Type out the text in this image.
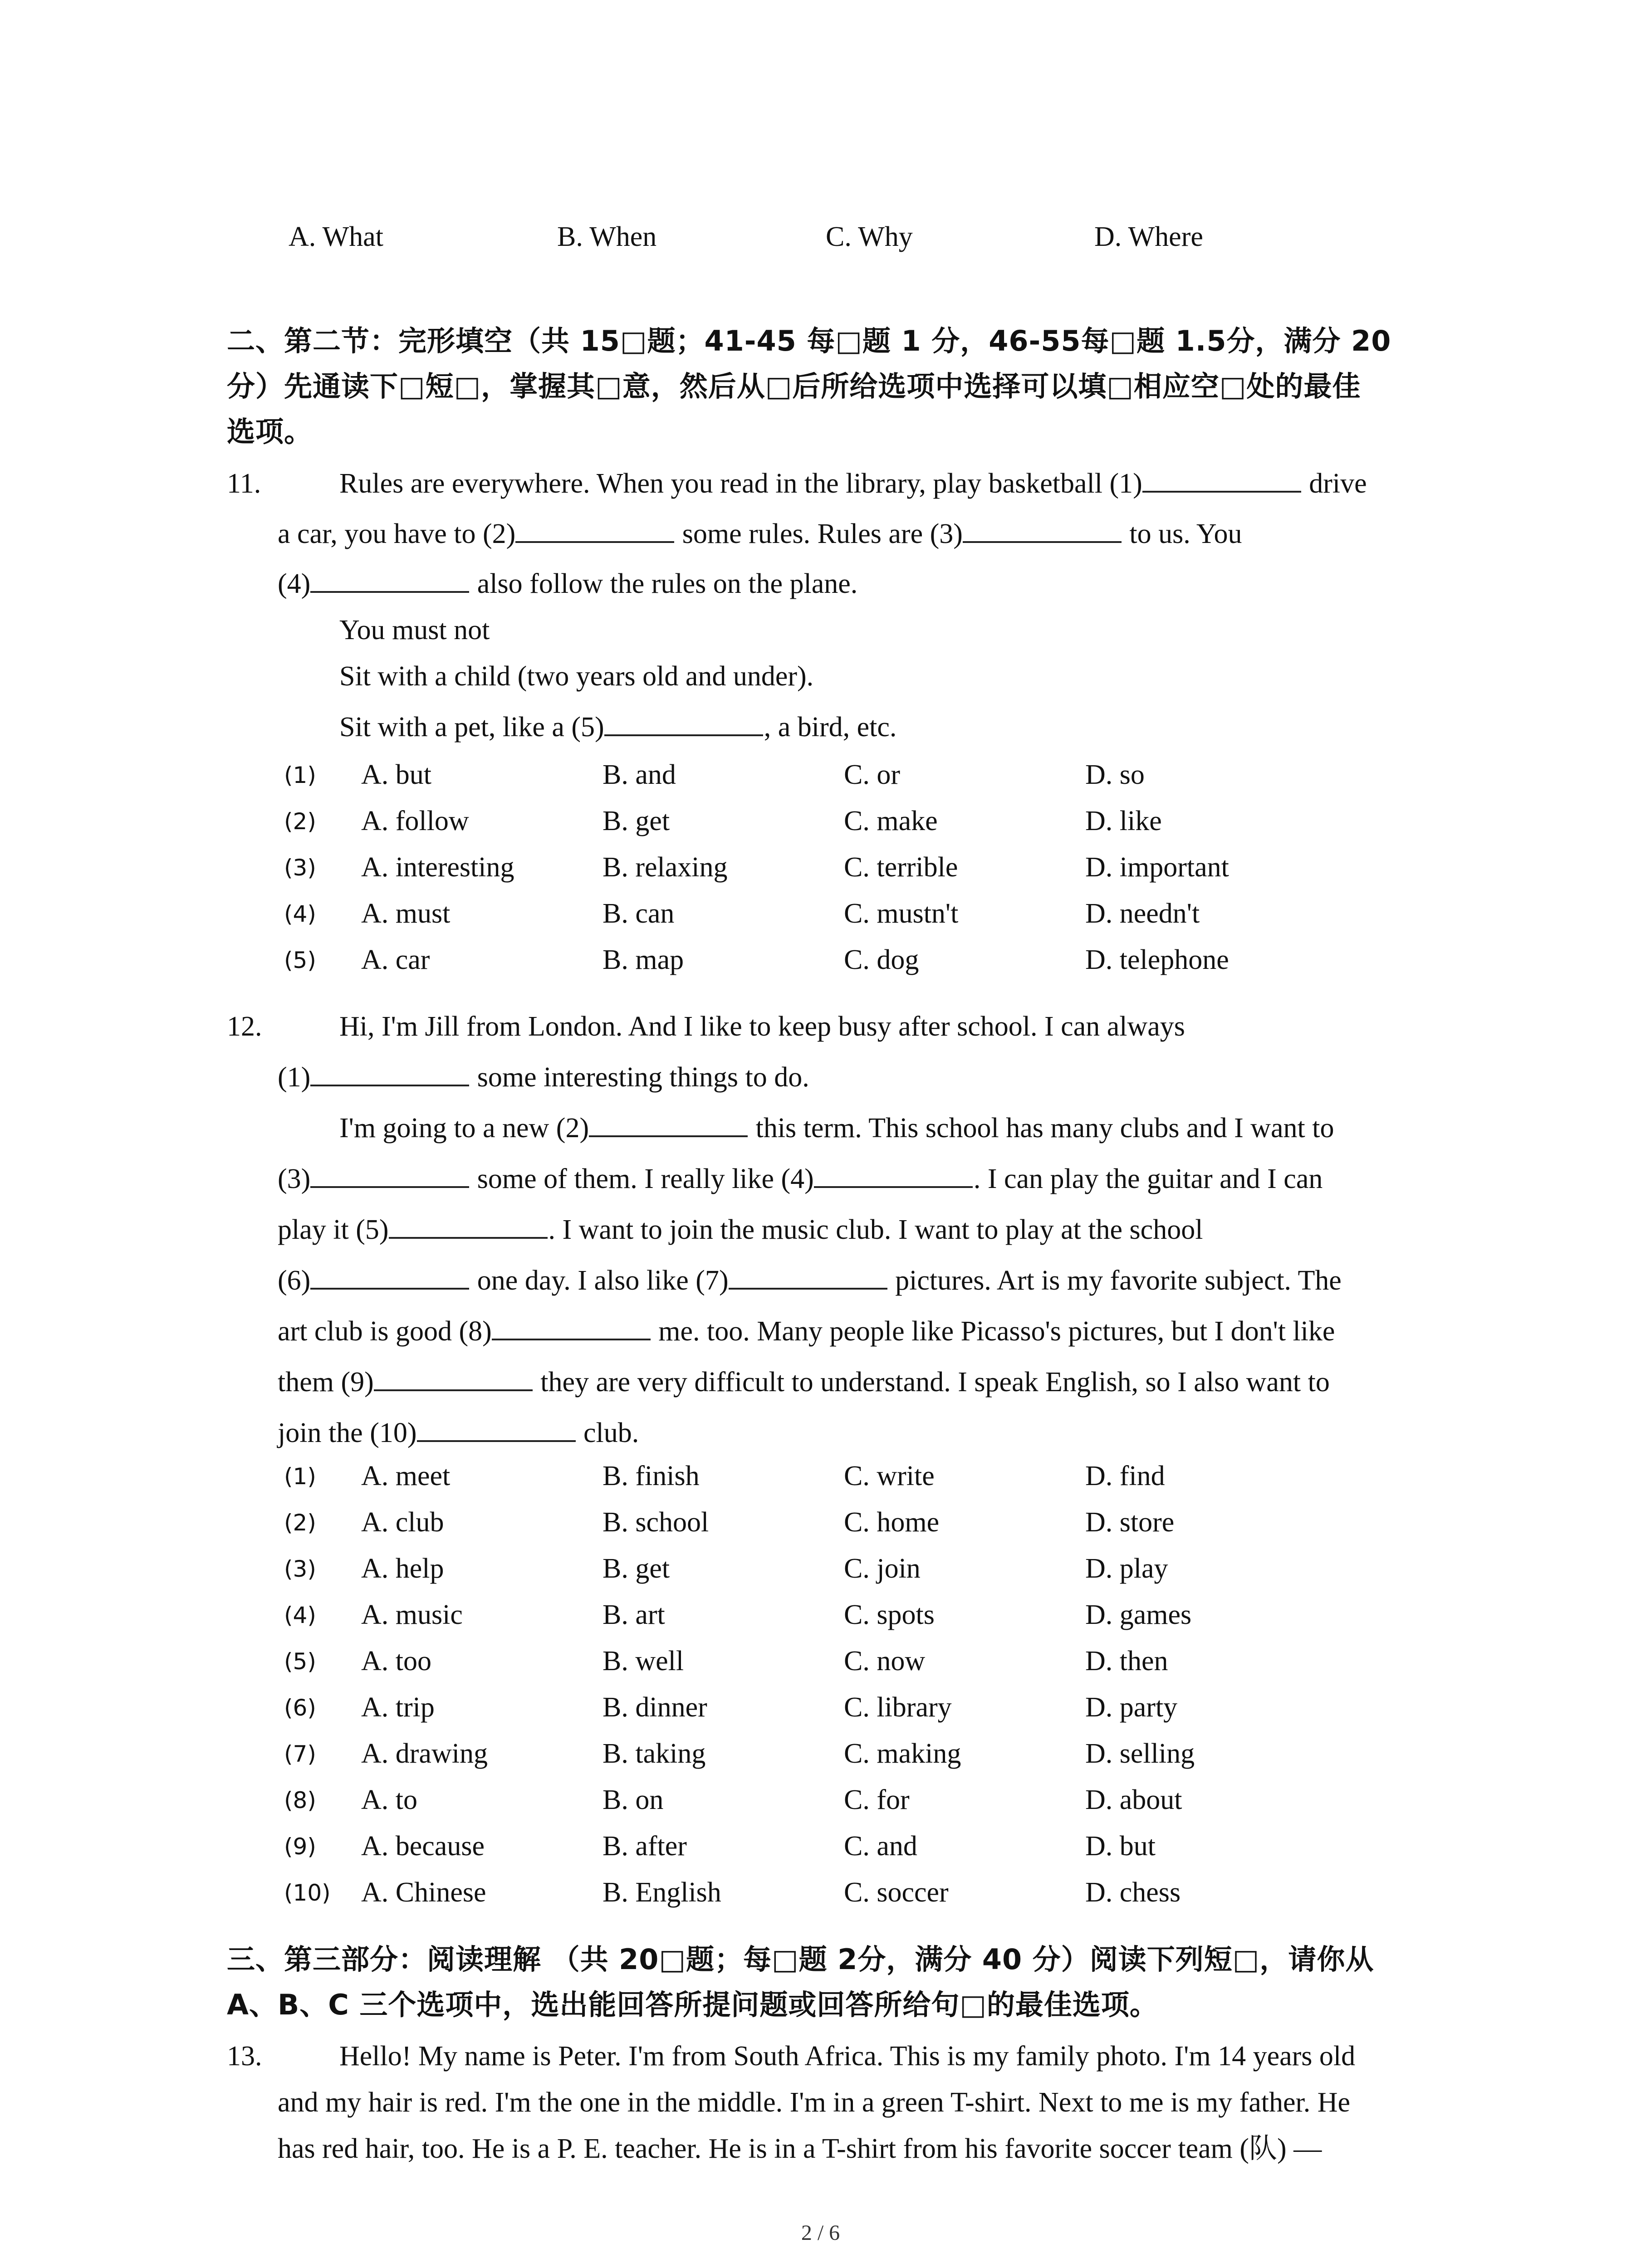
A. What	B. When	C. Why	D. Where
二、第二节：完形填空（共 15□题；41-45 每□题 1 分，46-55每□题 1.5分，满分 20
分）先通读下□短□，掌握其□意，然后从□后所给选项中选择可以填□相应空□处的最佳
选项。
11.	Rules are everywhere. When you read in the library, play basketball (1)	drive
a car, you have to (2)	some rules. Rules are (3)	to us. You
(4)	also follow the rules on the plane.
You must not
Sit with a child (two years old and under).
Sit with a pet, like a (5)	, a bird, etc.
(1) A. but	B. and	C. or	D. so
(2) A. follow	B. get	C. make	D. like
(3) A. interesting	B. relaxing	C. terrible	D. important
(4) A. must	B. can	C. mustn't	D. needn't
(5) A. car	B. map	C. dog	D. telephone
12.	Hi, I'm Jill from London. And I like to keep busy after school. I can always
(1)	some interesting things to do.
I'm going to a new (2)	this term. This school has many clubs and I want to
(3)	some of them. I really like (4)	. I can play the guitar and I can
play it (5)	. I want to join the music club. I want to play at the school
(6)	one day. I also like (7)	pictures. Art is my favorite subject. The
art club is good (8)	me. too. Many people like Picasso's pictures, but I don't like
them (9)	they are very difficult to understand. I speak English, so I also want to
join the (10)	club.
(1) A. meet	B. finish	C. write	D. find
(2) A. club	B. school	C. home	D. store
(3) A. help	B. get	C. join	D. play
(4) A. music	B. art	C. spots	D. games
(5) A. too	B. well	C. now	D. then
(6) A. trip	B. dinner	C. library	D. party
(7) A. drawing	B. taking	C. making	D. selling
(8) A. to	B. on	C. for	D. about
(9) A. because	B. after	C. and	D. but
(10) A. Chinese	B. English	C. soccer	D. chess
三、第三部分：阅读理解 （共 20□题；每□题 2分，满分 40 分）阅读下列短□，请你从
A、B、C 三个选项中，选出能回答所提问题或回答所给句□的最佳选项。
13.	Hello! My name is Peter. I'm from South Africa. This is my family photo. I'm 14 years old
and my hair is red. I'm the one in the middle. I'm in a green T-shirt. Next to me is my father. He
has red hair, too. He is a P. E. teacher. He is in a T-shirt from his favorite soccer team (队) —
2 / 6
